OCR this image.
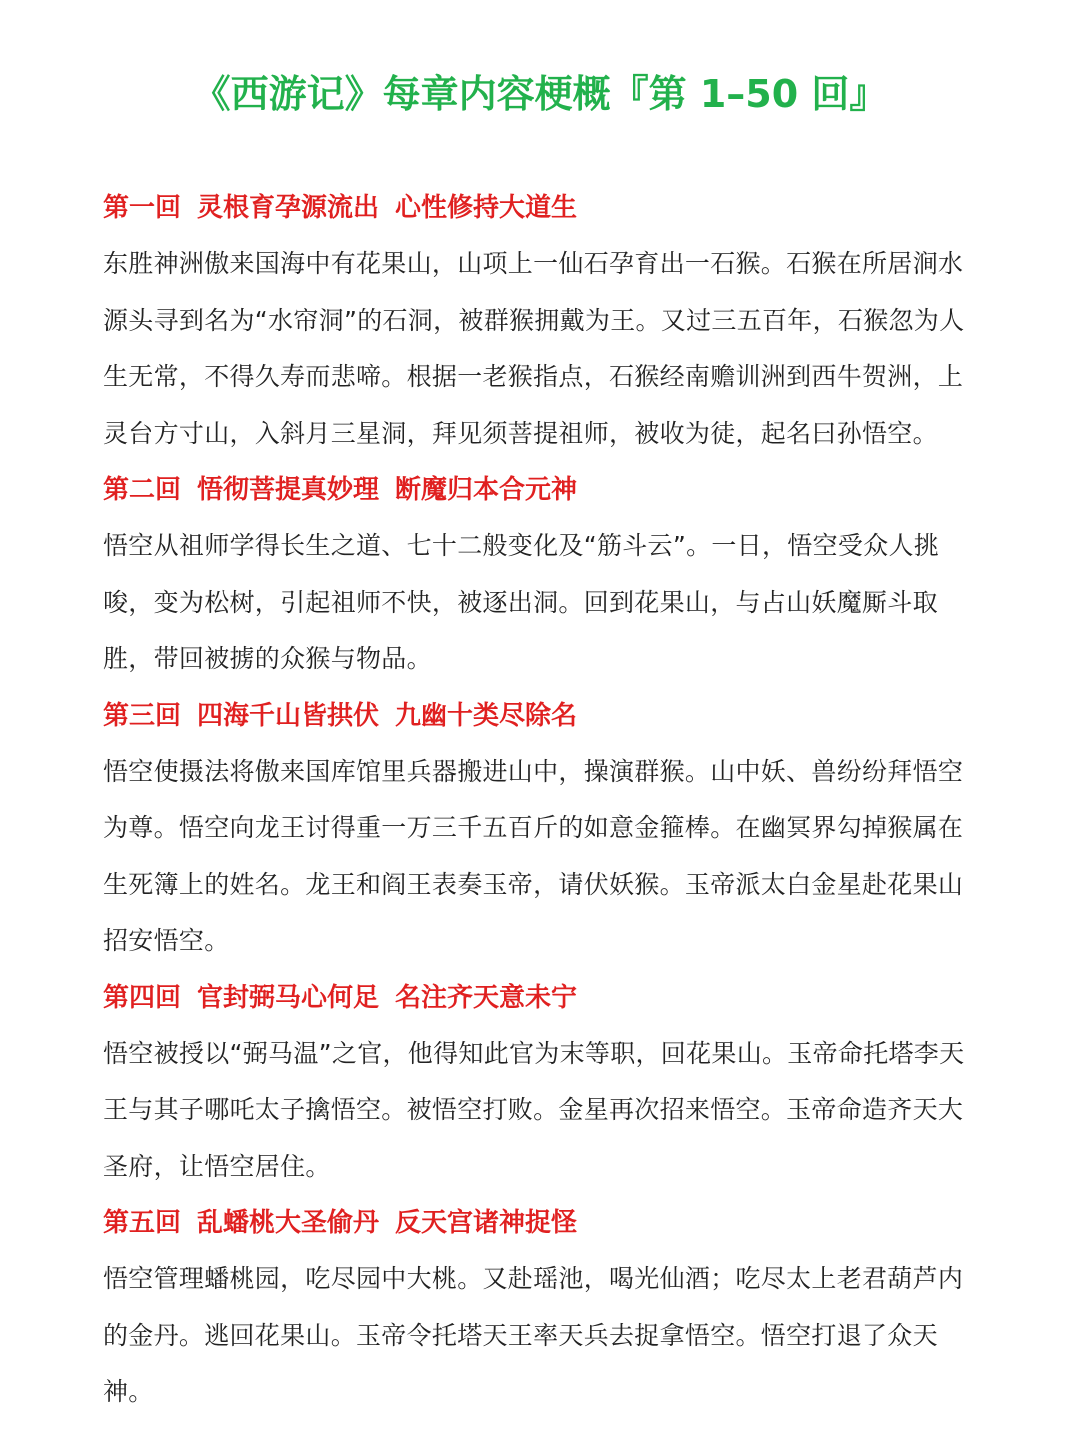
《西游记》每章内容梗概『第 1–50 回』
第一回 灵根育孕源流出 心性修持大道生

东胜神洲傲来国海中有花果山，山项上一仙石孕育出一石猴。石猴在所居涧水源头寻到名为“水帘洞”的石洞，被群猴拥戴为王。又过三五百年，石猴忽为人生无常，不得久寿而悲啼。根据一老猴指点，石猴经南赡训洲到西牛贺洲，上灵台方寸山，入斜月三星洞，拜见须菩提祖师，被收为徒，起名曰孙悟空。

第二回 悟彻菩提真妙理 断魔归本合元神

悟空从祖师学得长生之道、七十二般变化及“筋斗云”。一日，悟空受众人挑唆，变为松树，引起祖师不快，被逐出洞。回到花果山，与占山妖魔厮斗取胜，带回被掳的众猴与物品。

第三回 四海千山皆拱伏 九幽十类尽除名

悟空使摄法将傲来国库馆里兵器搬进山中，操演群猴。山中妖、兽纷纷拜悟空为尊。悟空向龙王讨得重一万三千五百斤的如意金箍棒。在幽冥界勾掉猴属在生死簿上的姓名。龙王和阎王表奏玉帝，请伏妖猴。玉帝派太白金星赴花果山招安悟空。

第四回 官封弼马心何足 名注齐天意未宁

悟空被授以“弼马温”之官，他得知此官为末等职，回花果山。玉帝命托塔李天王与其子哪吒太子擒悟空。被悟空打败。金星再次招来悟空。玉帝命造齐天大圣府，让悟空居住。

第五回 乱蟠桃大圣偷丹 反天宫诸神捉怪

悟空管理蟠桃园，吃尽园中大桃。又赴瑶池，喝光仙酒；吃尽太上老君葫芦内的金丹。逃回花果山。玉帝令托塔天王率天兵去捉拿悟空。悟空打退了众天神。
